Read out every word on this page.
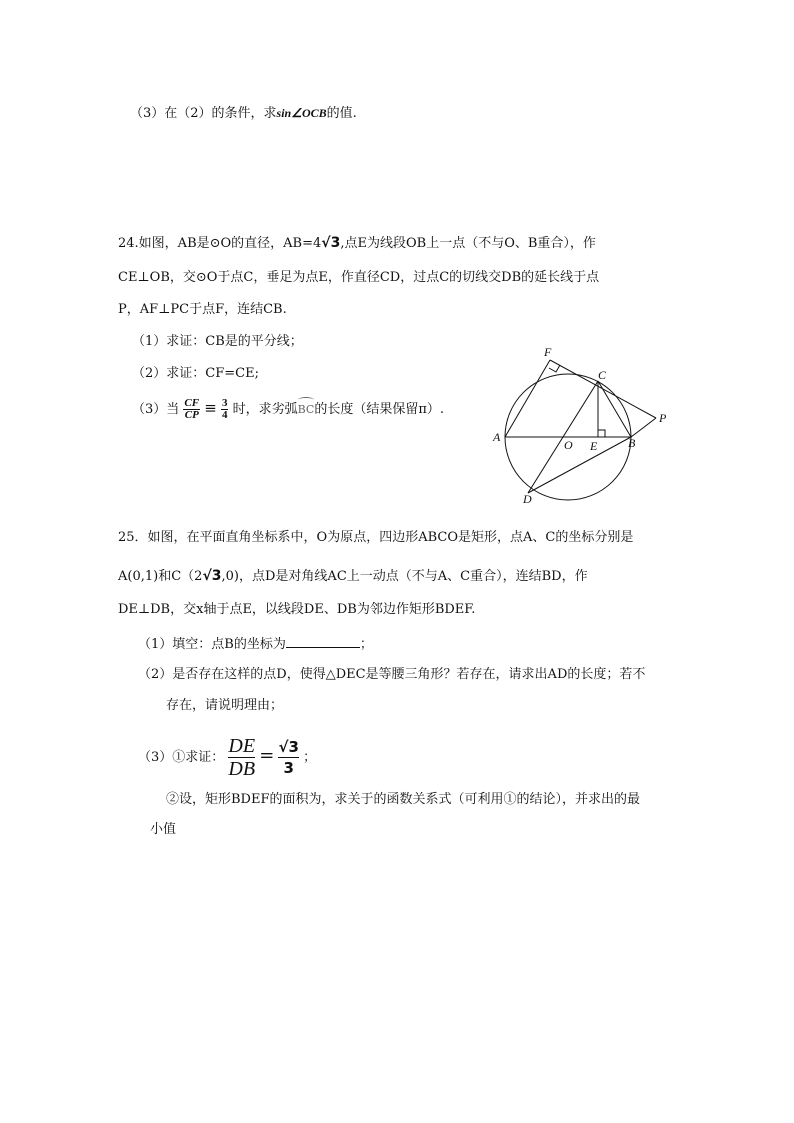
（3）在（2）的条件，求sin∠OCB的值.
24.如图，AB是⊙O的直径，AB=4√3,点E为线段OB上一点（不与O、B重合），作
CE⊥OB，交⊙O于点C，垂足为点E，作直径CD，过点C的切线交DB的延长线于点
P，AF⊥PC于点F，连结CB.
（1）求证：CB是的平分线；
（2）求证：CF=CE;
（3）当 $\frac{CF}{CP} \equiv \frac{3}{4}$ 时，求劣弧BC的长度（结果保留π）.
A	B
C
D
E
F
O
P
25．如图，在平面直角坐标系中，O为原点，四边形ABCO是矩形，点A、C的坐标分别是
A(0,1)和C（2√3,0)，点D是对角线AC上一动点（不与A、C重合），连结BD，作
DE⊥DB，交x轴于点E，以线段DE、DB为邻边作矩形BDEF.
（1）填空：点B的坐标为	；
（2）是否存在这样的点D，使得△DEC是等腰三角形？若存在，请求出AD的长度；若不
存在，请说明理由；
（3）①求证： $\frac{DE}{DB} = \frac{√3}{3}$ ；
②设，矩形BDEF的面积为，求关于的函数关系式（可利用①的结论），并求出的最
小值
